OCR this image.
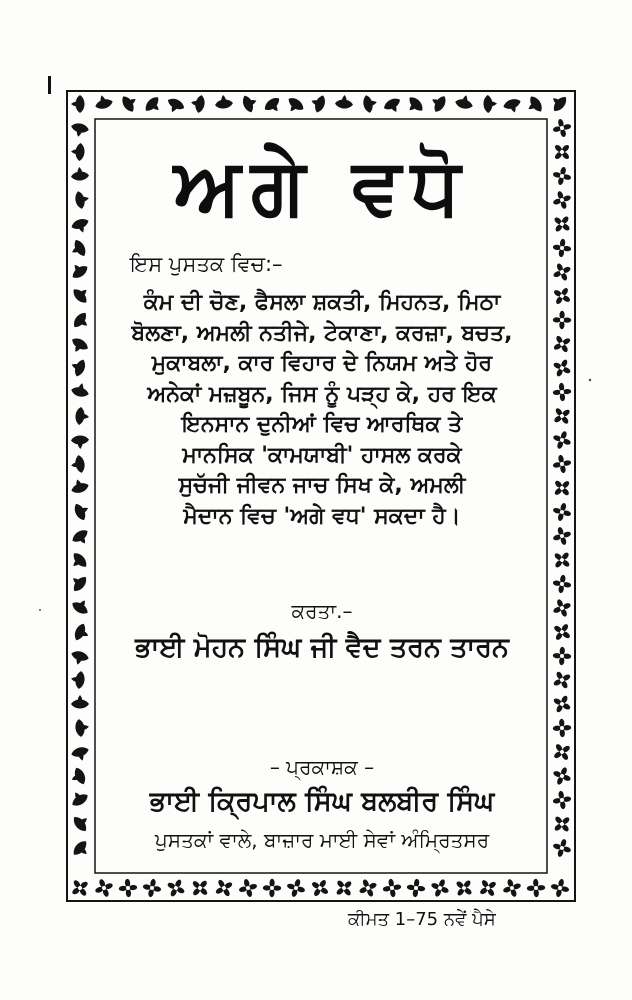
ਅਗੇ ਵਧੋ
ਇਸ ਪੁਸਤਕ ਵਿਚ:–
ਕੰਮ ਦੀ ਚੋਣ, ਫੈਸਲਾ ਸ਼ਕਤੀ, ਮਿਹਨਤ, ਮਿਠਾ
ਬੋਲਣਾ, ਅਮਲੀ ਨਤੀਜੇ, ਟੇਕਾਣਾ, ਕਰਜ਼ਾ, ਬਚਤ,
ਮੁਕਾਬਲਾ, ਕਾਰ ਵਿਹਾਰ ਦੇ ਨਿਯਮ ਅਤੇ ਹੋਰ
ਅਨੇਕਾਂ ਮਜ਼ਬੂਨ, ਜਿਸ ਨੂੰ ਪੜ੍ਹ ਕੇ, ਹਰ ਇਕ
ਇਨਸਾਨ ਦੁਨੀਆਂ ਵਿਚ ਆਰਥਿਕ ਤੇ
ਮਾਨਸਿਕ 'ਕਾਮਯਾਬੀ' ਹਾਸਲ ਕਰਕੇ
ਸੁਚੱਜੀ ਜੀਵਨ ਜਾਚ ਸਿਖ ਕੇ, ਅਮਲੀ
ਮੈਦਾਨ ਵਿਚ 'ਅਗੇ ਵਧ' ਸਕਦਾ ਹੈ।
ਕਰਤਾ.–
ਭਾਈ ਮੋਹਨ ਸਿੰਘ ਜੀ ਵੈਦ ਤਰਨ ਤਾਰਨ
– ਪ੍ਰਕਾਸ਼ਕ –
ਭਾਈ ਕ੍ਰਿਪਾਲ ਸਿੰਘ ਬਲਬੀਰ ਸਿੰਘ
ਪੁਸਤਕਾਂ ਵਾਲੇ, ਬਾਜ਼ਾਰ ਮਾਈ ਸੇਵਾਂ ਅੰਮ੍ਰਿਤਸਰ
ਕੀਮਤ 1–75 ਨਵੇਂ ਪੈਸੇ
